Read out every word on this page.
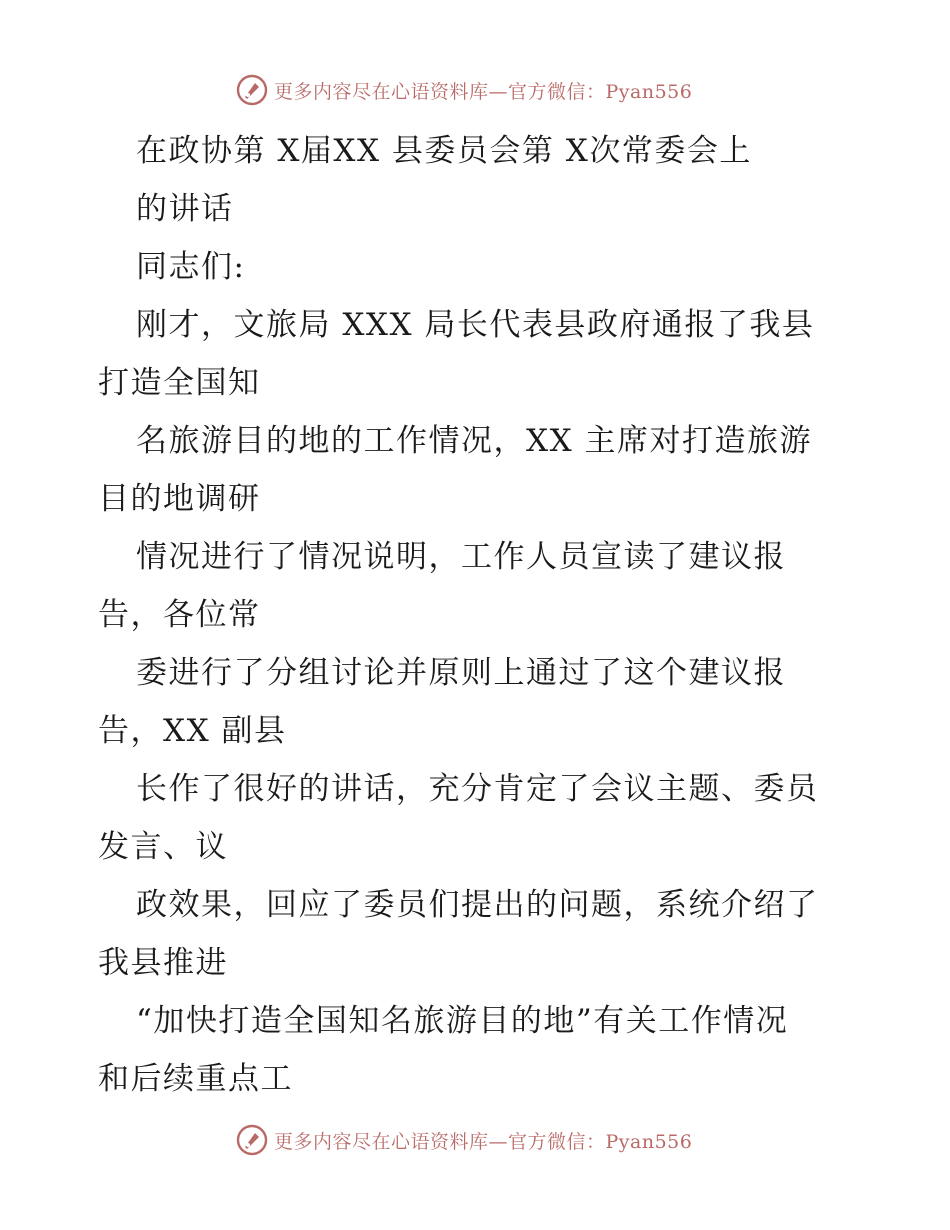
更多内容尽在心语资料库—官方微信：Pyan556
在政协第 X届XX 县委员会第 X次常委会上
的讲话
同志们:
刚才，文旅局 XXX 局长代表县政府通报了我县
打造全国知
名旅游目的地的工作情况，XX 主席对打造旅游
目的地调研
情况进行了情况说明，工作人员宣读了建议报
告，各位常
委进行了分组讨论并原则上通过了这个建议报
告，XX 副县
长作了很好的讲话，充分肯定了会议主题、委员
发言、议
政效果，回应了委员们提出的问题，系统介绍了
我县推进
“加快打造全国知名旅游目的地”有关工作情况
和后续重点工
更多内容尽在心语资料库—官方微信：Pyan556
